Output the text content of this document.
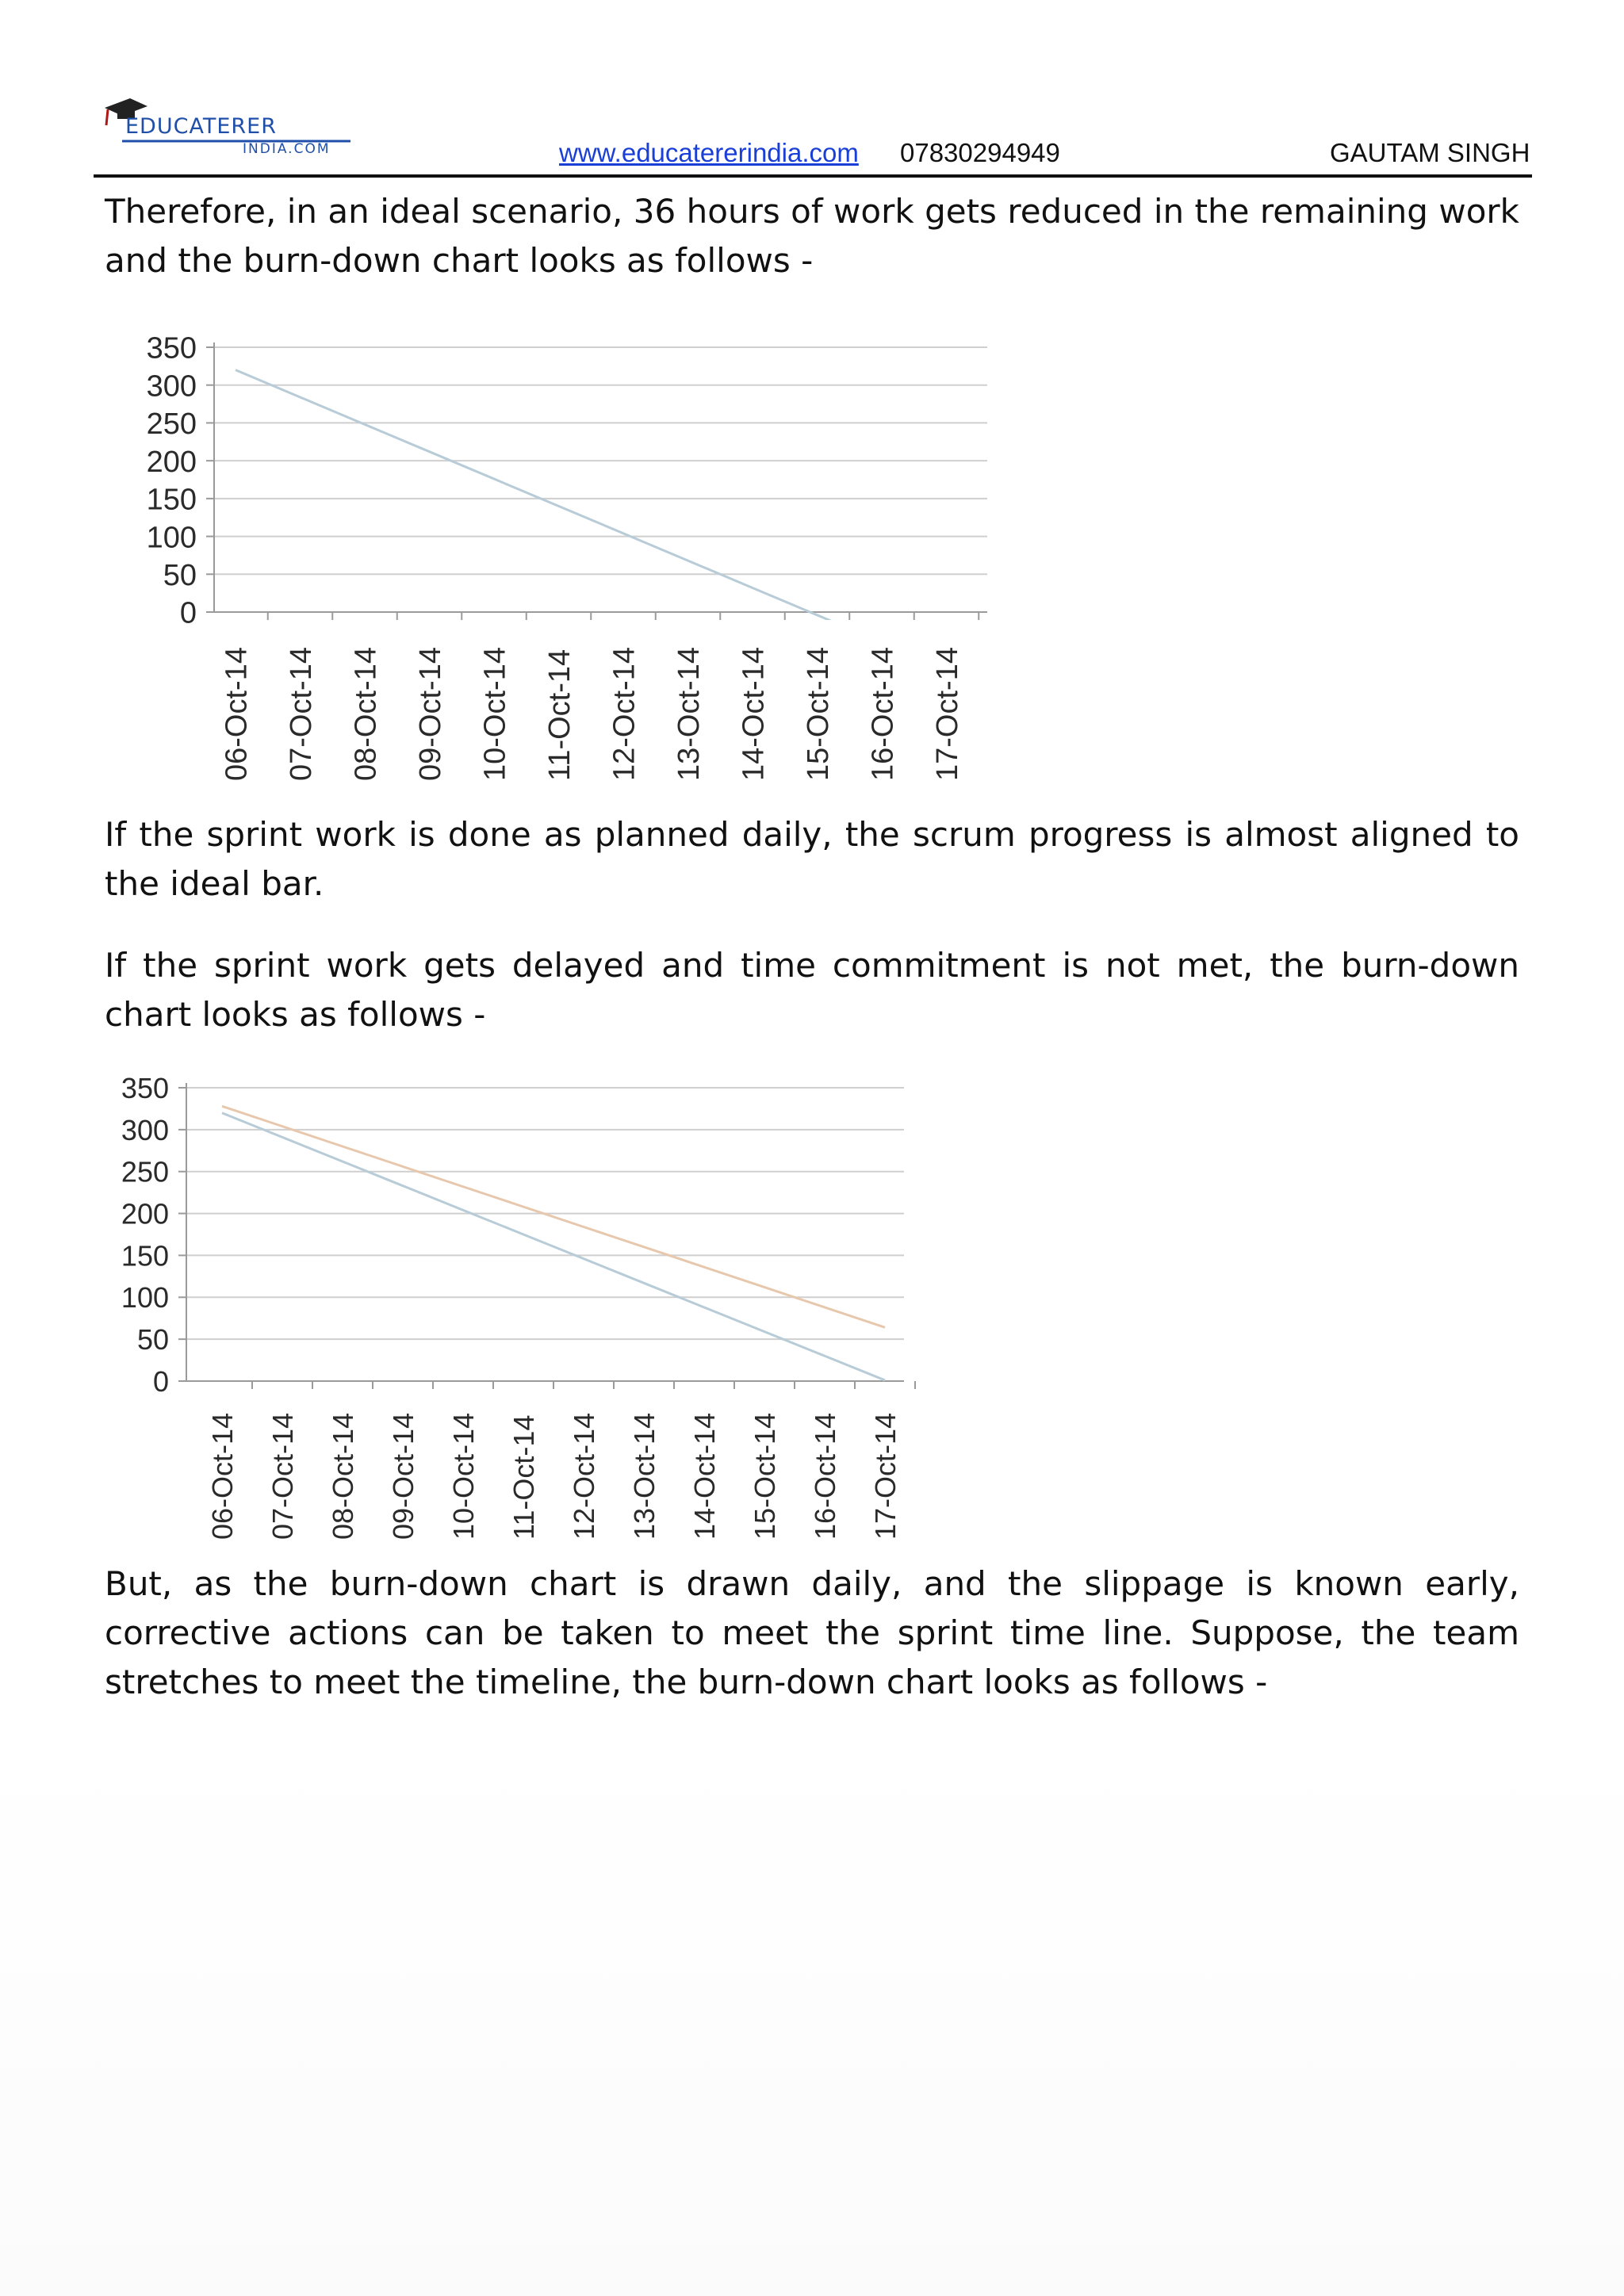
EDUCATERER
INDIA.COM	www.educatererindia.com 07830294949	GAUTAM SINGH

Therefore, in an ideal scenario, 36 hours of work gets reduced in the remaining work and the burn-down chart looks as follows -

0
50
100
150
200
250
300
350
06-Oct-14 07-Oct-14 08-Oct-14 09-Oct-14 10-Oct-14 11-Oct-14 12-Oct-14 13-Oct-14 14-Oct-14 15-Oct-14 16-Oct-14 17-Oct-14

If the sprint work is done as planned daily, the scrum progress is almost aligned to the ideal bar.

If the sprint work gets delayed and time commitment is not met, the burn-down chart looks as follows -

0
50
100
150
200
250
300
350
06-Oct-14 07-Oct-14 08-Oct-14 09-Oct-14 10-Oct-14 11-Oct-14 12-Oct-14 13-Oct-14 14-Oct-14 15-Oct-14 16-Oct-14 17-Oct-14

But, as the burn-down chart is drawn daily, and the slippage is known early, corrective actions can be taken to meet the sprint time line. Suppose, the team stretches to meet the timeline, the burn-down chart looks as follows -
